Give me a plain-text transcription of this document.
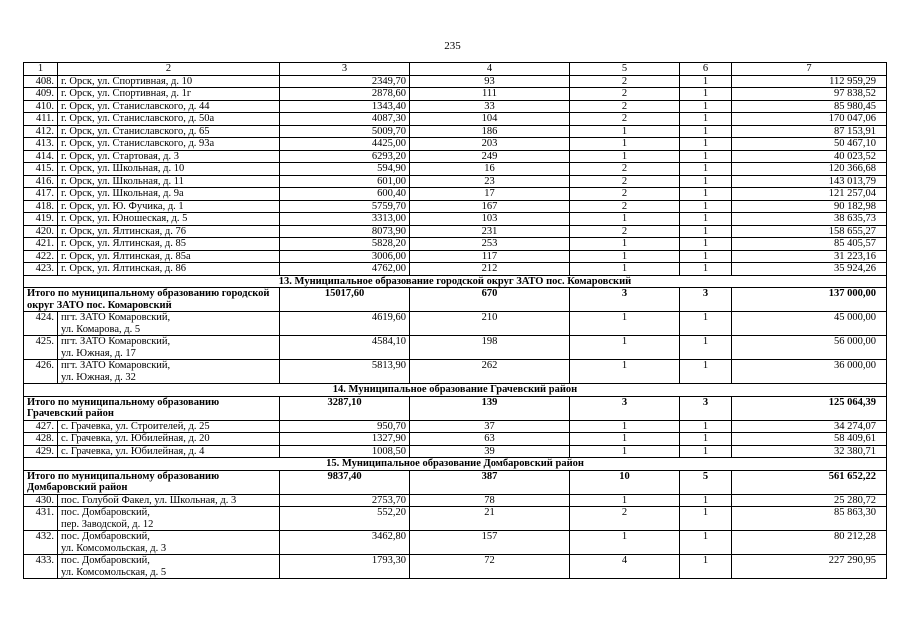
235
1	2	3	4	5	6	7
408.	г. Орск, ул. Спортивная, д. 10	2349,70	93	2	1	112 959,29
409.	г. Орск, ул. Спортивная, д. 1г	2878,60	111	2	1	97 838,52
410.	г. Орск, ул. Станиславского, д. 44	1343,40	33	2	1	85 980,45
411.	г. Орск, ул. Станиславского, д. 50а	4087,30	104	2	1	170 047,06
412.	г. Орск, ул. Станиславского, д. 65	5009,70	186	1	1	87 153,91
413.	г. Орск, ул. Станиславского, д. 93а	4425,00	203	1	1	50 467,10
414.	г. Орск, ул. Стартовая, д. 3	6293,20	249	1	1	40 023,52
415.	г. Орск, ул. Школьная, д. 10	594,90	16	2	1	120 366,68
416.	г. Орск, ул. Школьная, д. 11	601,00	23	2	1	143 013,79
417.	г. Орск, ул. Школьная, д. 9а	600,40	17	2	1	121 257,04
418.	г. Орск, ул. Ю. Фучика, д. 1	5759,70	167	2	1	90 182,98
419.	г. Орск, ул. Юношеская, д. 5	3313,00	103	1	1	38 635,73
420.	г. Орск, ул. Ялтинская, д. 76	8073,90	231	2	1	158 655,27
421.	г. Орск, ул. Ялтинская, д. 85	5828,20	253	1	1	85 405,57
422.	г. Орск, ул. Ялтинская, д. 85а	3006,00	117	1	1	31 223,16
423.	г. Орск, ул. Ялтинская, д. 86	4762,00	212	1	1	35 924,26
13. Муниципальное образование городской округ ЗАТО пос. Комаровский						
Итого по муниципальному образованию городской округ ЗАТО пос. Комаровский		15017,60	670	3	3	137 000,00
424.	пгт. ЗАТО Комаровский,
ул. Комарова, д. 5	4619,60	210	1	1	45 000,00
425.	пгт. ЗАТО Комаровский,
ул. Южная, д. 17	4584,10	198	1	1	56 000,00
426.	пгт. ЗАТО Комаровский,
ул. Южная, д. 32	5813,90	262	1	1	36 000,00
14. Муниципальное образование Грачевский район						
Итого по муниципальному образованию Грачевский район		3287,10	139	3	3	125 064,39
427.	с. Грачевка, ул. Строителей, д. 25	950,70	37	1	1	34 274,07
428.	с. Грачевка, ул. Юбилейная, д. 20	1327,90	63	1	1	58 409,61
429.	с. Грачевка, ул. Юбилейная, д. 4	1008,50	39	1	1	32 380,71
15. Муниципальное образование Домбаровский район						
Итого по муниципальному образованию Домбаровский район		9837,40	387	10	5	561 652,22
430.	пос. Голубой Факел, ул. Школьная, д. 3	2753,70	78	1	1	25 280,72
431.	пос. Домбаровский,
пер. Заводской, д. 12	552,20	21	2	1	85 863,30
432.	пос. Домбаровский,
ул. Комсомольская, д. 3	3462,80	157	1	1	80 212,28
433.	пос. Домбаровский,
ул. Комсомольская, д. 5	1793,30	72	4	1	227 290,95
